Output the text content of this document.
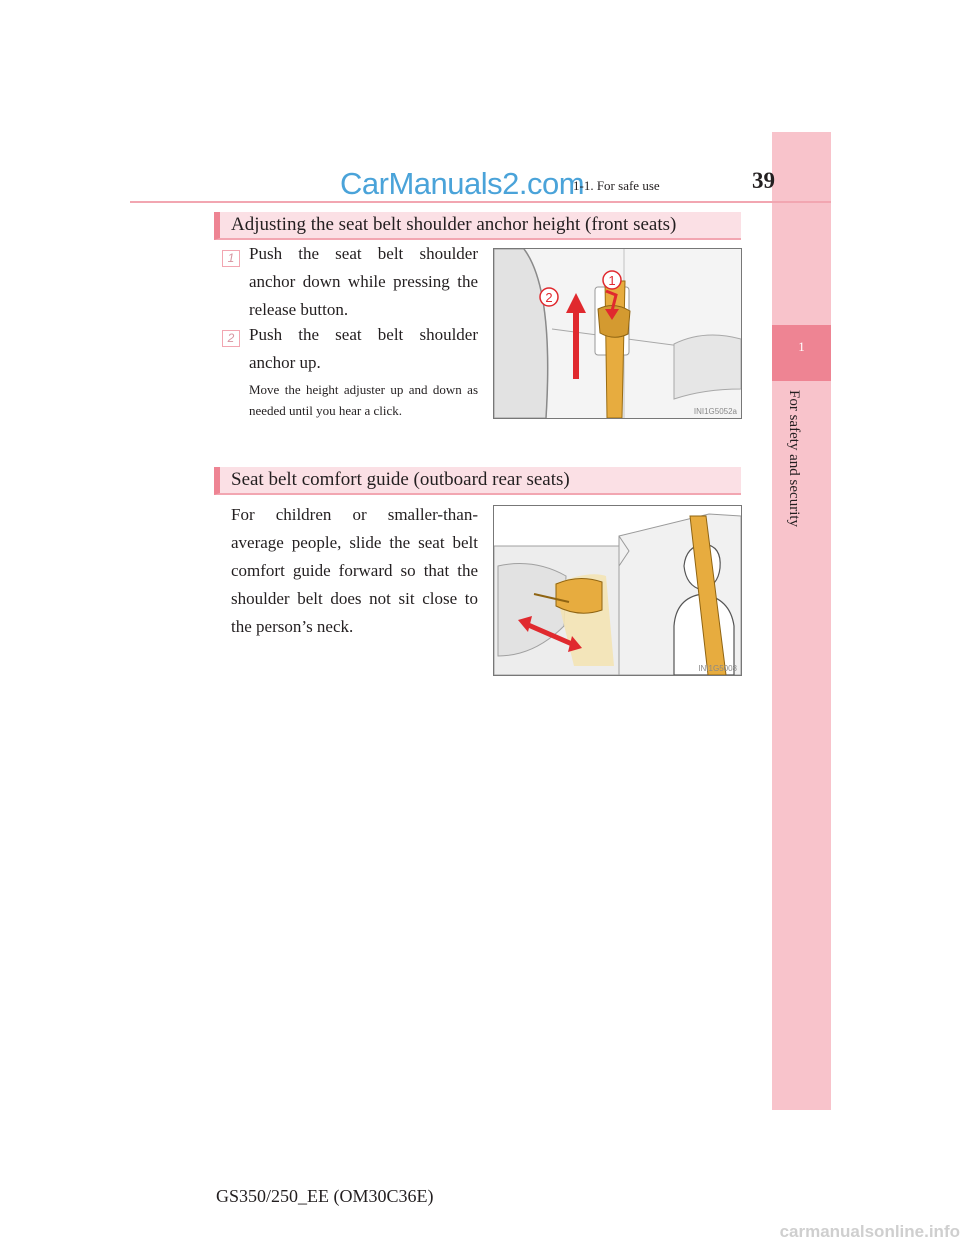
1
For safety and security
CarManuals2.com
1-1. For safe use	39
Adjusting the seat belt shoulder anchor height (front seats)
1 Push the seat belt shoulder anchor down while pressing the release button.
2 Push the seat belt shoulder anchor up.
Move the height adjuster up and down as needed until you hear a click.
1
2
INI1G5052a
Seat belt comfort guide (outboard rear seats)
For children or smaller-than-average people, slide the seat belt comfort guide forward so that the shoulder belt does not sit close to the person’s neck.
INI1G5008
GS350/250_EE (OM30C36E)
carmanualsonline.info
